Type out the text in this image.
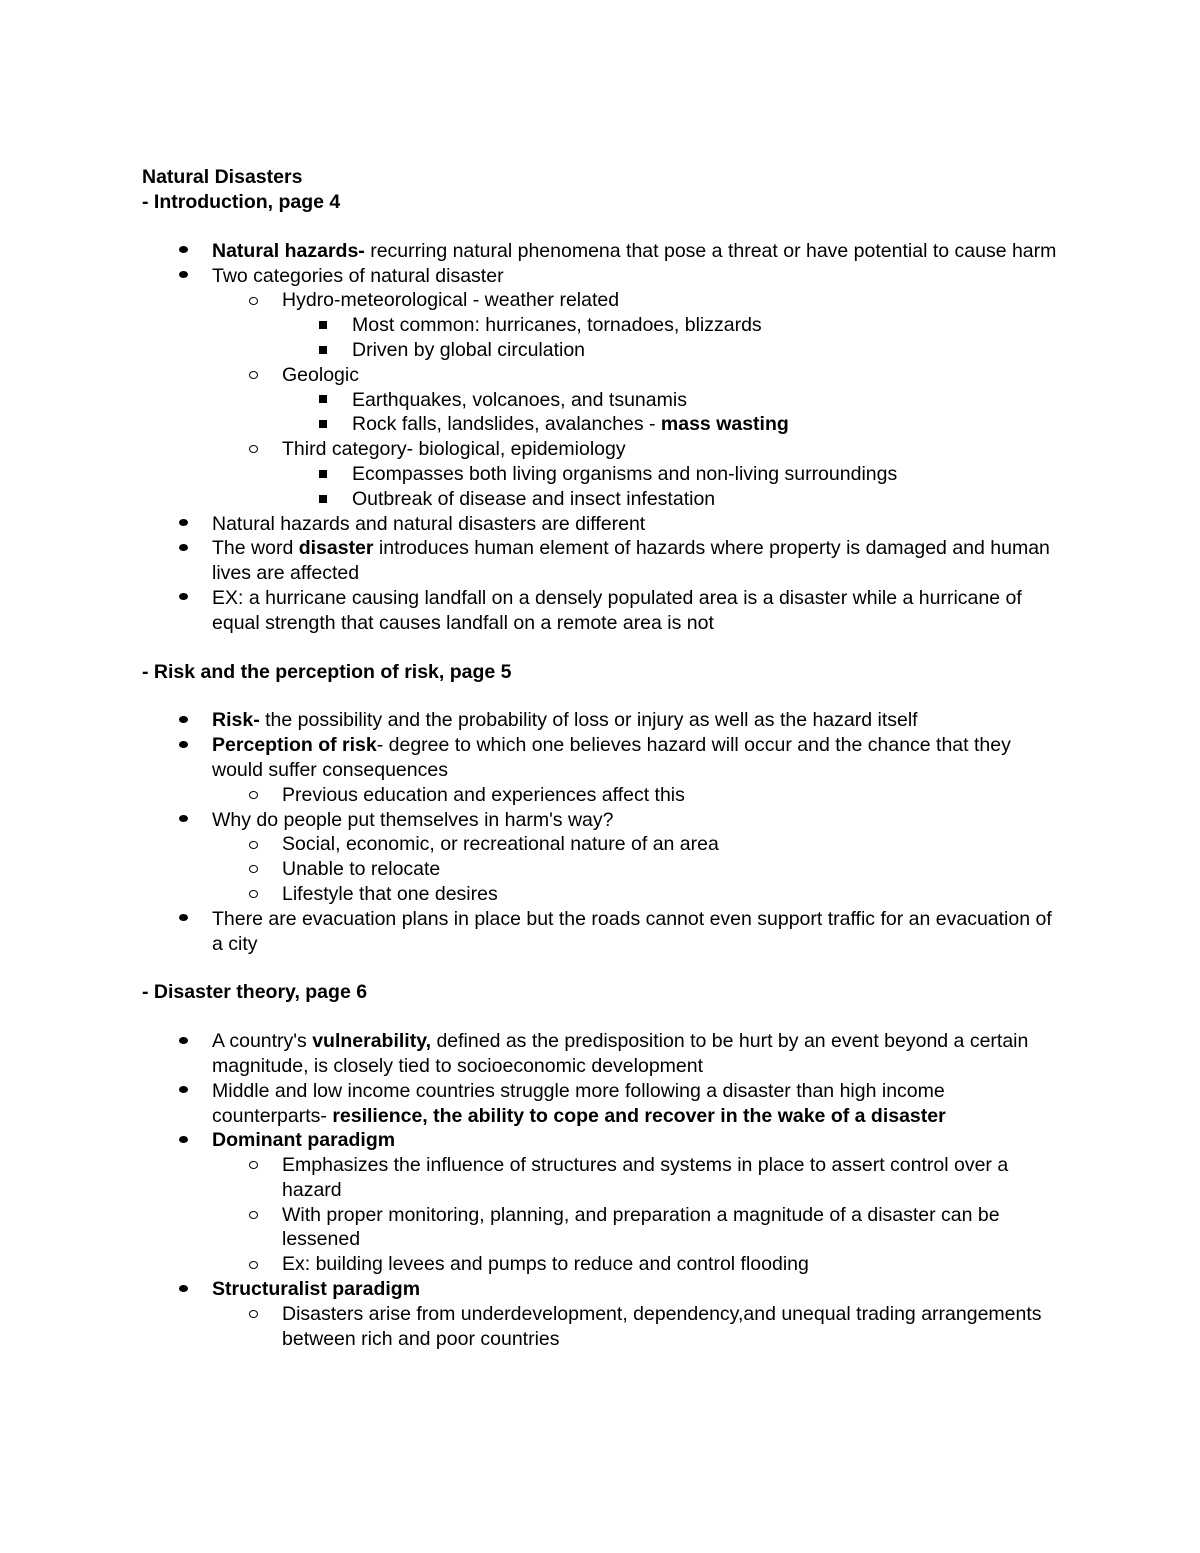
Natural Disasters

- Introduction, page 4

Natural hazards- recurring natural phenomena that pose a threat or have potential to cause harm
Two categories of natural disaster
Hydro-meteorological - weather related
Most common: hurricanes, tornadoes, blizzards
Driven by global circulation
Geologic
Earthquakes, volcanoes, and tsunamis
Rock falls, landslides, avalanches - mass wasting
Third category- biological, epidemiology
Ecompasses both living organisms and non-living surroundings
Outbreak of disease and insect infestation
Natural hazards and natural disasters are different
The word disaster introduces human element of hazards where property is damaged and human lives are affected
EX: a hurricane causing landfall on a densely populated area is a disaster while a hurricane of equal strength that causes landfall on a remote area is not

- Risk and the perception of risk, page 5

Risk- the possibility and the probability of loss or injury as well as the hazard itself
Perception of risk- degree to which one believes hazard will occur and the chance that they would suffer consequences
Previous education and experiences affect this
Why do people put themselves in harm's way?
Social, economic, or recreational nature of an area
Unable to relocate
Lifestyle that one desires
There are evacuation plans in place but the roads cannot even support traffic for an evacuation of a city

- Disaster theory, page 6

A country's vulnerability, defined as the predisposition to be hurt by an event beyond a certain magnitude, is closely tied to socioeconomic development
Middle and low income countries struggle more following a disaster than high income counterparts- resilience, the ability to cope and recover in the wake of a disaster
Dominant paradigm
Emphasizes the influence of structures and systems in place to assert control over a hazard
With proper monitoring, planning, and preparation a magnitude of a disaster can be lessened
Ex: building levees and pumps to reduce and control flooding
Structuralist paradigm
Disasters arise from underdevelopment, dependency,and unequal trading arrangements between rich and poor countries
